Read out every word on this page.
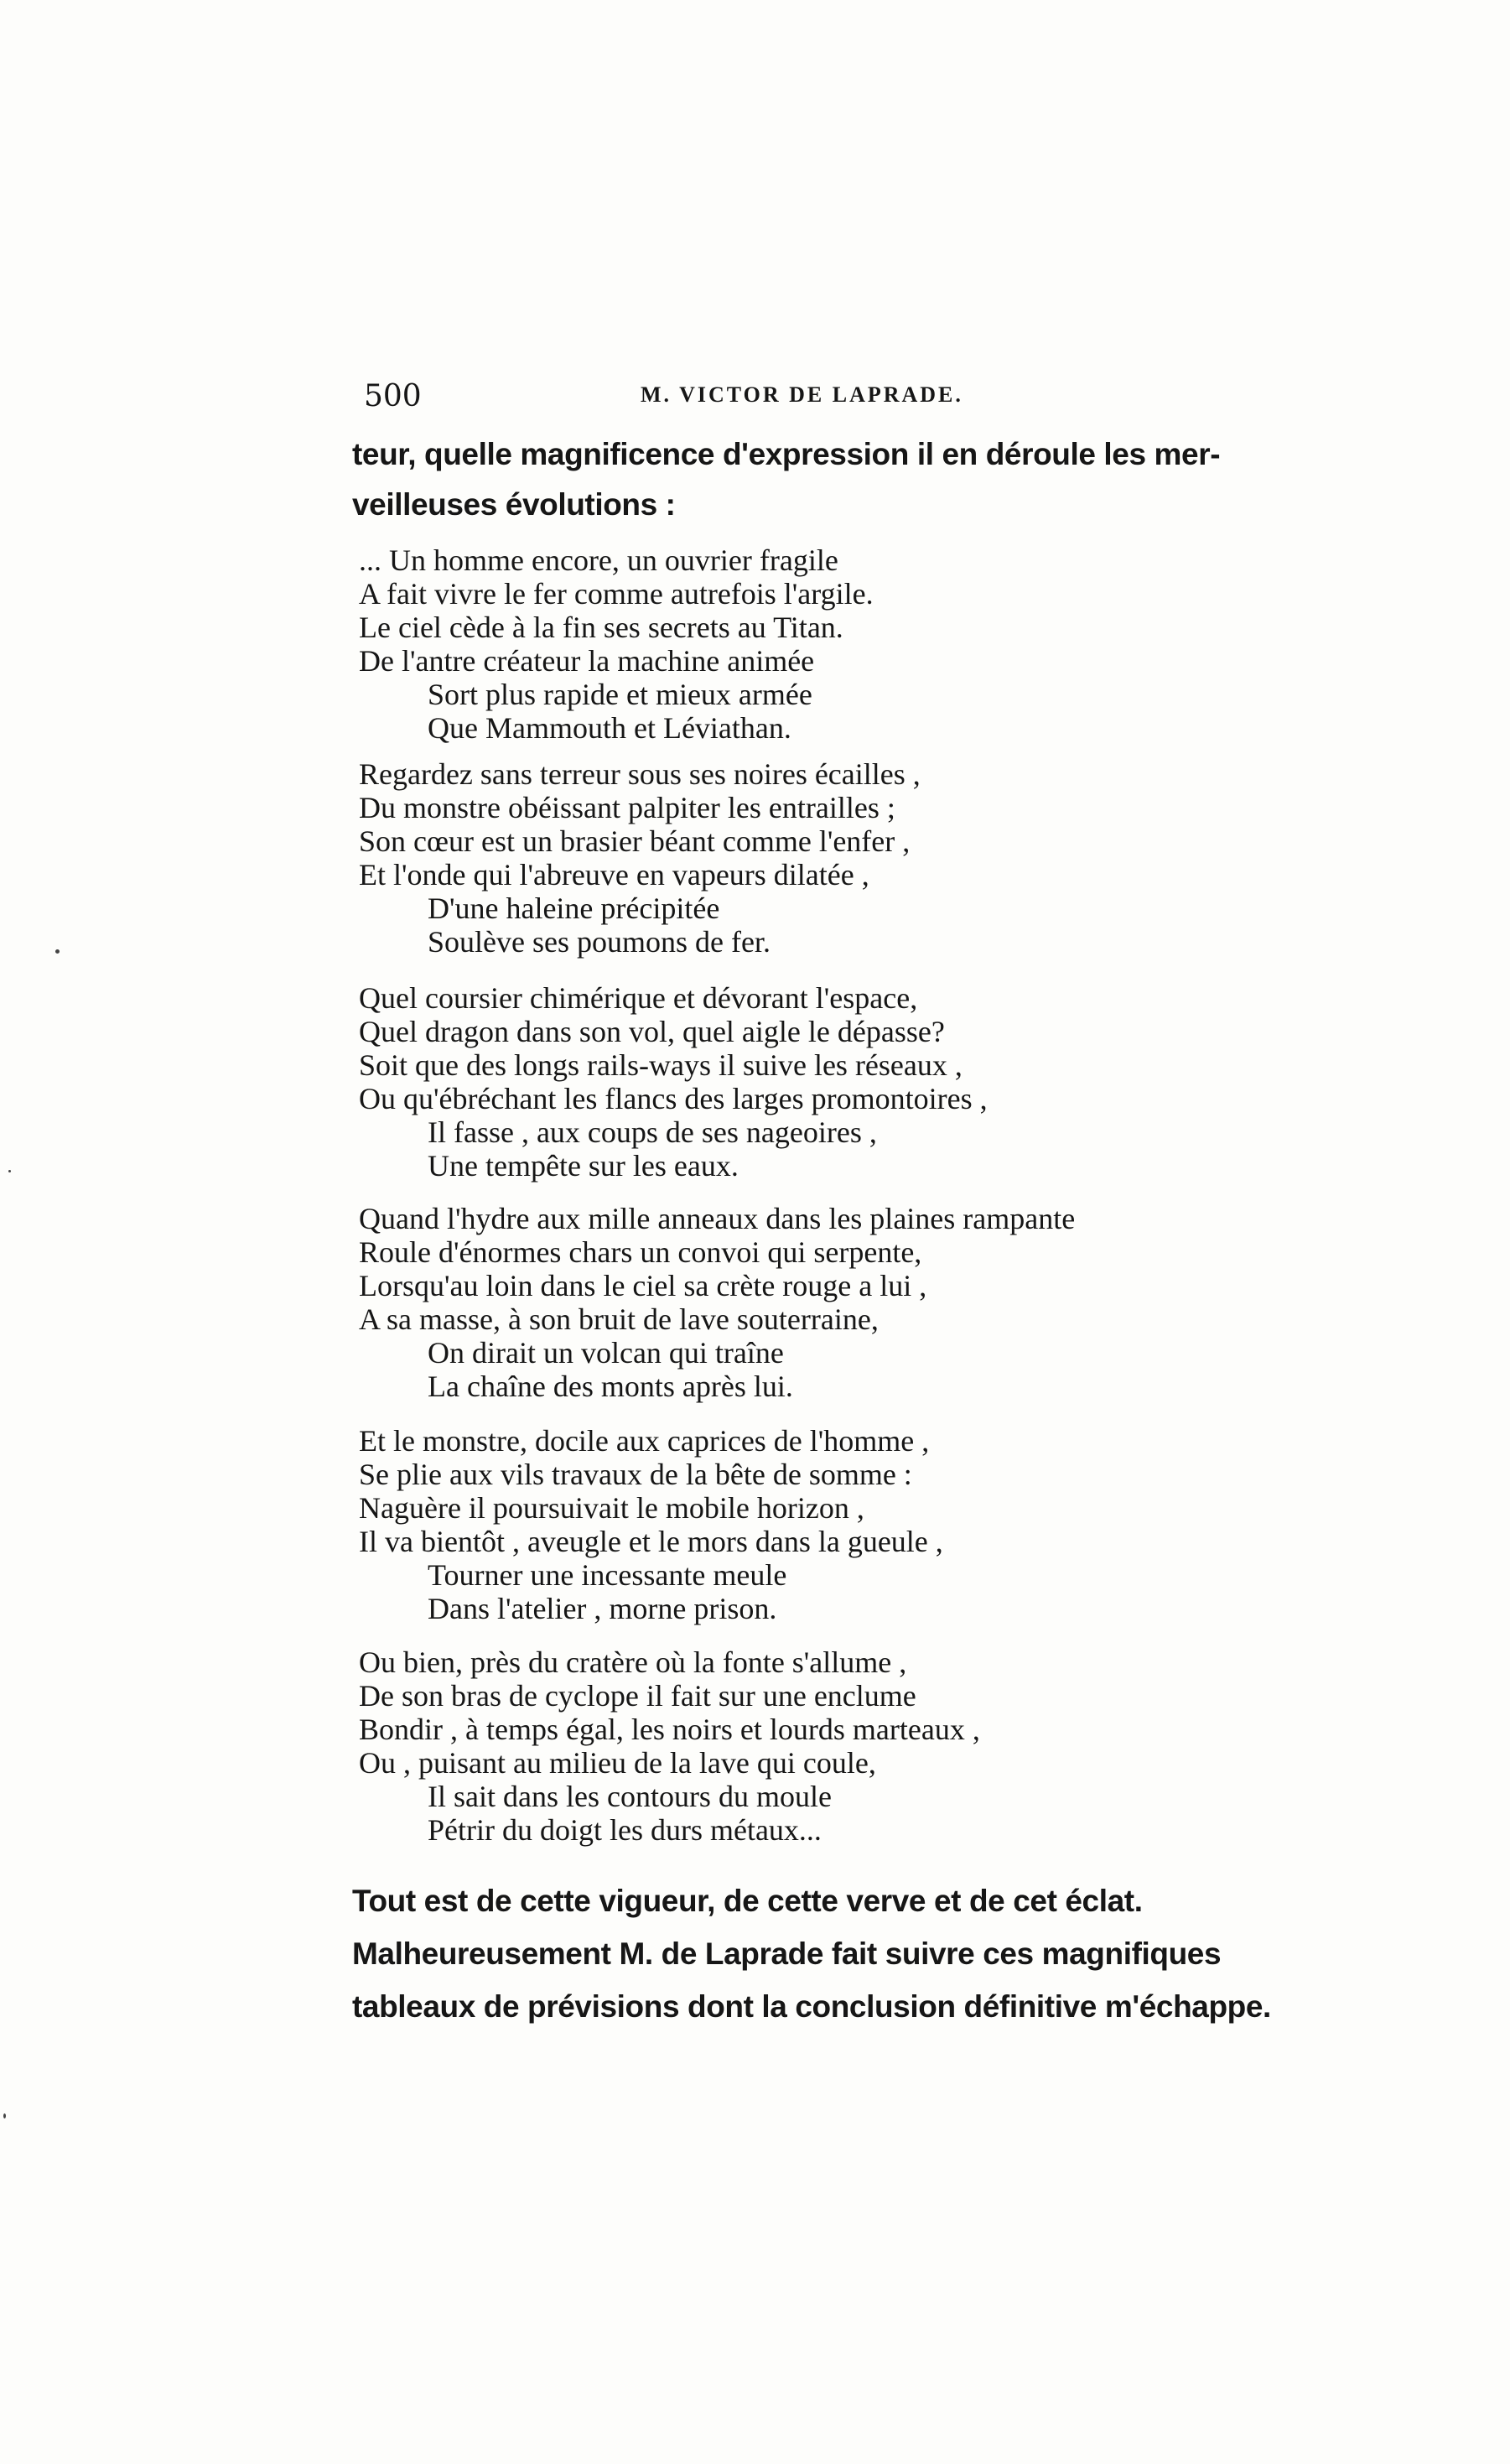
500	M. VICTOR DE LAPRADE.
teur, quelle magnificence d'expression il en déroule les mer-
veilleuses évolutions :
... Un homme encore, un ouvrier fragile
A fait vivre le fer comme autrefois l'argile.
Le ciel cède à la fin ses secrets au Titan.
De l'antre créateur la machine animée
Sort plus rapide et mieux armée
Que Mammouth et Léviathan.
Regardez sans terreur sous ses noires écailles ,
Du monstre obéissant palpiter les entrailles ;
Son cœur est un brasier béant comme l'enfer ,
Et l'onde qui l'abreuve en vapeurs dilatée ,
D'une haleine précipitée
Soulève ses poumons de fer.
Quel coursier chimérique et dévorant l'espace,
Quel dragon dans son vol, quel aigle le dépasse?
Soit que des longs rails-ways il suive les réseaux ,
Ou qu'ébréchant les flancs des larges promontoires ,
Il fasse , aux coups de ses nageoires ,
Une tempête sur les eaux.
Quand l'hydre aux mille anneaux dans les plaines rampante
Roule d'énormes chars un convoi qui serpente,
Lorsqu'au loin dans le ciel sa crète rouge a lui ,
A sa masse, à son bruit de lave souterraine,
On dirait un volcan qui traîne
La chaîne des monts après lui.
Et le monstre, docile aux caprices de l'homme ,
Se plie aux vils travaux de la bête de somme :
Naguère il poursuivait le mobile horizon ,
Il va bientôt , aveugle et le mors dans la gueule ,
Tourner une incessante meule
Dans l'atelier , morne prison.
Ou bien, près du cratère où la fonte s'allume ,
De son bras de cyclope il fait sur une enclume
Bondir , à temps égal, les noirs et lourds marteaux ,
Ou , puisant au milieu de la lave qui coule,
Il sait dans les contours du moule
Pétrir du doigt les durs métaux...
Tout est de cette vigueur, de cette verve et de cet éclat.
Malheureusement M. de Laprade fait suivre ces magnifiques
tableaux de prévisions dont la conclusion définitive m'échappe.
